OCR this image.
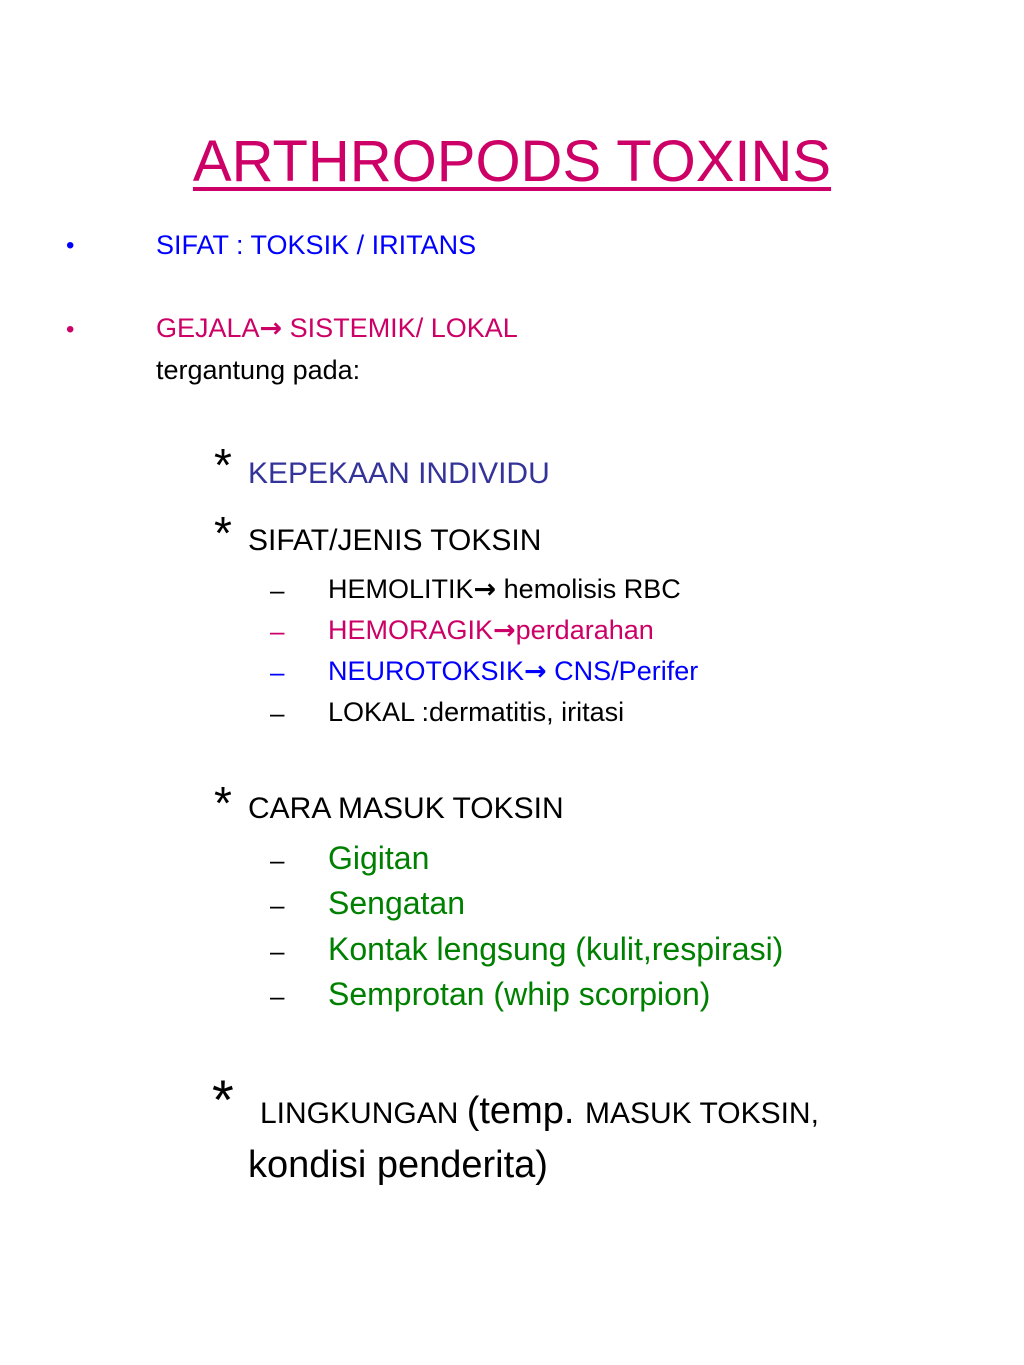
ARTHROPODS TOXINS
•	SIFAT : TOKSIK / IRITANS
•	GEJALA→ SISTEMIK/ LOKAL
tergantung pada:
* KEPEKAAN INDIVIDU
* SIFAT/JENIS TOKSIN
– HEMOLITIK→ hemolisis RBC
– HEMORAGIK→perdarahan
– NEUROTOKSIK→ CNS/Perifer
– LOKAL :dermatitis, iritasi
* CARA MASUK TOKSIN
– Gigitan
– Sengatan
– Kontak lengsung (kulit,respirasi)
– Semprotan (whip scorpion)
* LINGKUNGAN (temp. MASUK TOKSIN,
kondisi penderita)
